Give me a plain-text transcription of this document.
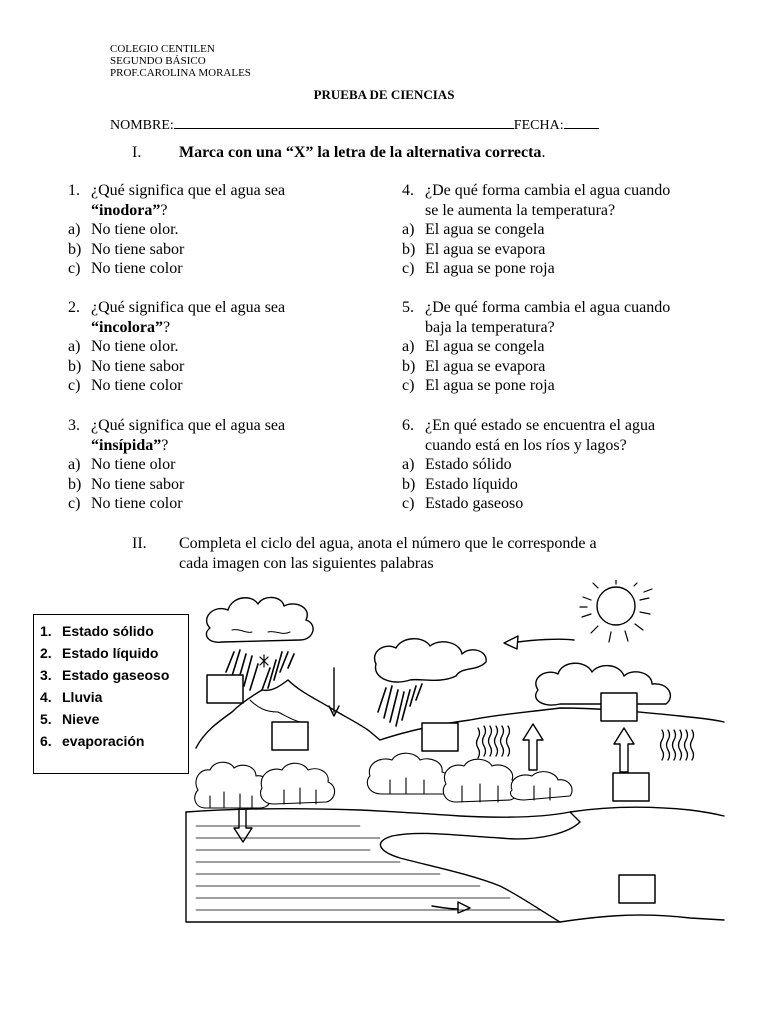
COLEGIO CENTILEN
SEGUNDO BÁSICO
PROF.CAROLINA MORALES
PRUEBA DE CIENCIAS
NOMBRE:	FECHA:
I. Marca con una “X” la letra de la alternativa correcta.
1. ¿Qué significa que el agua sea
“inodora”?
a) No tiene olor.
b) No tiene sabor
c) No tiene color
2. ¿Qué significa que el agua sea
“incolora”?
a) No tiene olor.
b) No tiene sabor
c) No tiene color
3. ¿Qué significa que el agua sea
“insípida”?
a) No tiene olor
b) No tiene sabor
c) No tiene color
4. ¿De qué forma cambia el agua cuando
se le aumenta la temperatura?
a) El agua se congela
b) El agua se evapora
c) El agua se pone roja
5. ¿De qué forma cambia el agua cuando
baja la temperatura?
a) El agua se congela
b) El agua se evapora
c) El agua se pone roja
6. ¿En qué estado se encuentra el agua
cuando está en los ríos y lagos?
a) Estado sólido
b) Estado líquido
c) Estado gaseoso
II. Completa el ciclo del agua, anota el número que le corresponde a
cada imagen con las siguientes palabras
1. Estado sólido
2. Estado líquido
3. Estado gaseoso
4. Lluvia
5. Nieve
6. evaporación
